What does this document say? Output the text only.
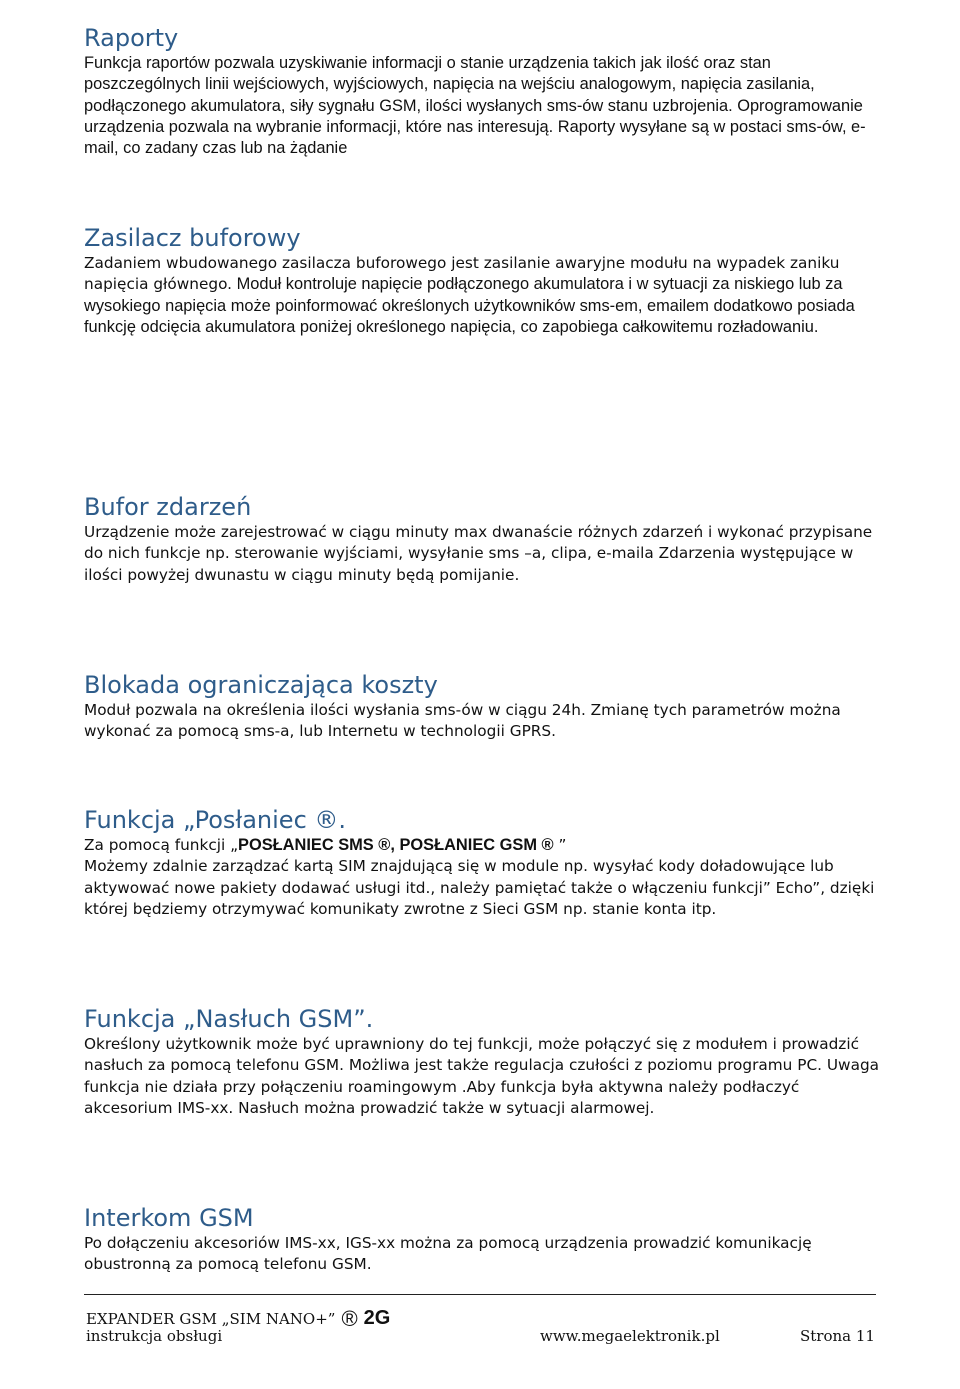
Raporty

Funkcja raportów pozwala uzyskiwanie informacji o stanie urządzenia takich jak ilość oraz stan poszczególnych linii wejściowych, wyjściowych, napięcia na wejściu analogowym, napięcia zasilania, podłączonego akumulatora, siły sygnału GSM, ilości wysłanych sms-ów stanu uzbrojenia. Oprogramowanie urządzenia pozwala na wybranie informacji, które nas interesują. Raporty wysyłane są w postaci sms-ów, e-mail, co zadany czas lub na żądanie

Zasilacz buforowy

Zadaniem wbudowanego zasilacza buforowego jest zasilanie awaryjne modułu na wypadek zaniku napięcia głównego. Moduł kontroluje napięcie podłączonego akumulatora i w sytuacji za niskiego lub za wysokiego napięcia może poinformować określonych użytkowników sms-em, emailem dodatkowo posiada funkcję odcięcia akumulatora poniżej określonego napięcia, co zapobiega całkowitemu rozładowaniu.

Bufor zdarzeń

Urządzenie może zarejestrować w ciągu minuty max dwanaście różnych zdarzeń i wykonać przypisane do nich funkcje np. sterowanie wyjściami, wysyłanie sms –a, clipa, e-maila Zdarzenia występujące w ilości powyżej dwunastu w ciągu minuty będą pomijanie.

Blokada ograniczająca koszty

Moduł pozwala na określenia ilości wysłania sms-ów w ciągu 24h. Zmianę tych parametrów można wykonać za pomocą sms-a, lub Internetu w technologii GPRS.

Funkcja „Posłaniec ®.

Za pomocą funkcji „POSŁANIEC SMS ®, POSŁANIEC GSM ® ”

Możemy zdalnie zarządzać kartą SIM znajdującą się w module np. wysyłać kody doładowujące lub aktywować nowe pakiety dodawać usługi itd., należy pamiętać także o włączeniu funkcji” Echo”, dzięki której będziemy otrzymywać komunikaty zwrotne z Sieci GSM np. stanie konta itp.

Funkcja „Nasłuch GSM”.

Określony użytkownik może być uprawniony do tej funkcji, może połączyć się z modułem i prowadzić nasłuch za pomocą telefonu GSM. Możliwa jest także regulacja czułości z poziomu programu PC. Uwaga funkcja nie działa przy połączeniu roamingowym .Aby funkcja była aktywna należy podłaczyć akcesorium IMS-xx. Nasłuch można prowadzić także w sytuacji alarmowej.

Interkom GSM

Po dołączeniu akcesoriów IMS-xx, IGS-xx można za pomocą urządzenia prowadzić komunikację obustronną za pomocą telefonu GSM.

EXPANDER GSM „SIM NANO+” ® 2G
instrukcja obsługi	www.megaelektronik.pl	Strona 11
